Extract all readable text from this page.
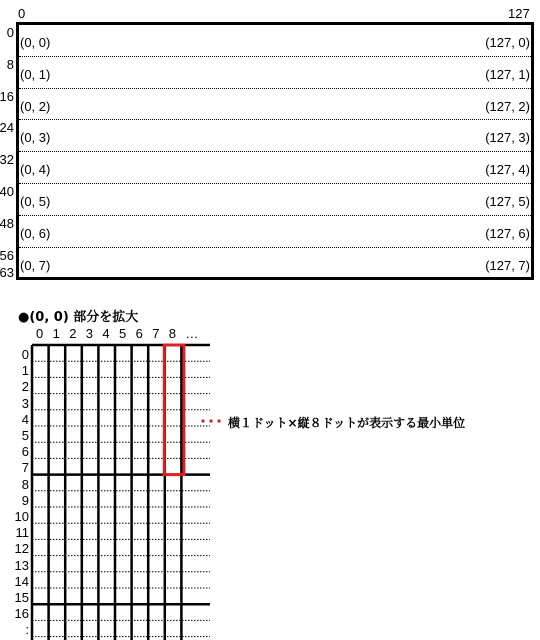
0	127
0
8
16
24
32
40
48
56
63
(0, 0)	(127, 0)
(0, 1)	(127, 1)
(0, 2)	(127, 2)
(0, 3)	(127, 3)
(0, 4)	(127, 4)
(0, 5)	(127, 5)
(0, 6)	(127, 6)
(0, 7)	(127, 7)
●(0, 0) 部分を拡大
0 1 2 3 4 5 6 7 8 …
0
1
2
3
4
5
6
7
8
9
10
11
12
13
14
15
16
:
横１ドット×縦８ドットが表示する最小単位
